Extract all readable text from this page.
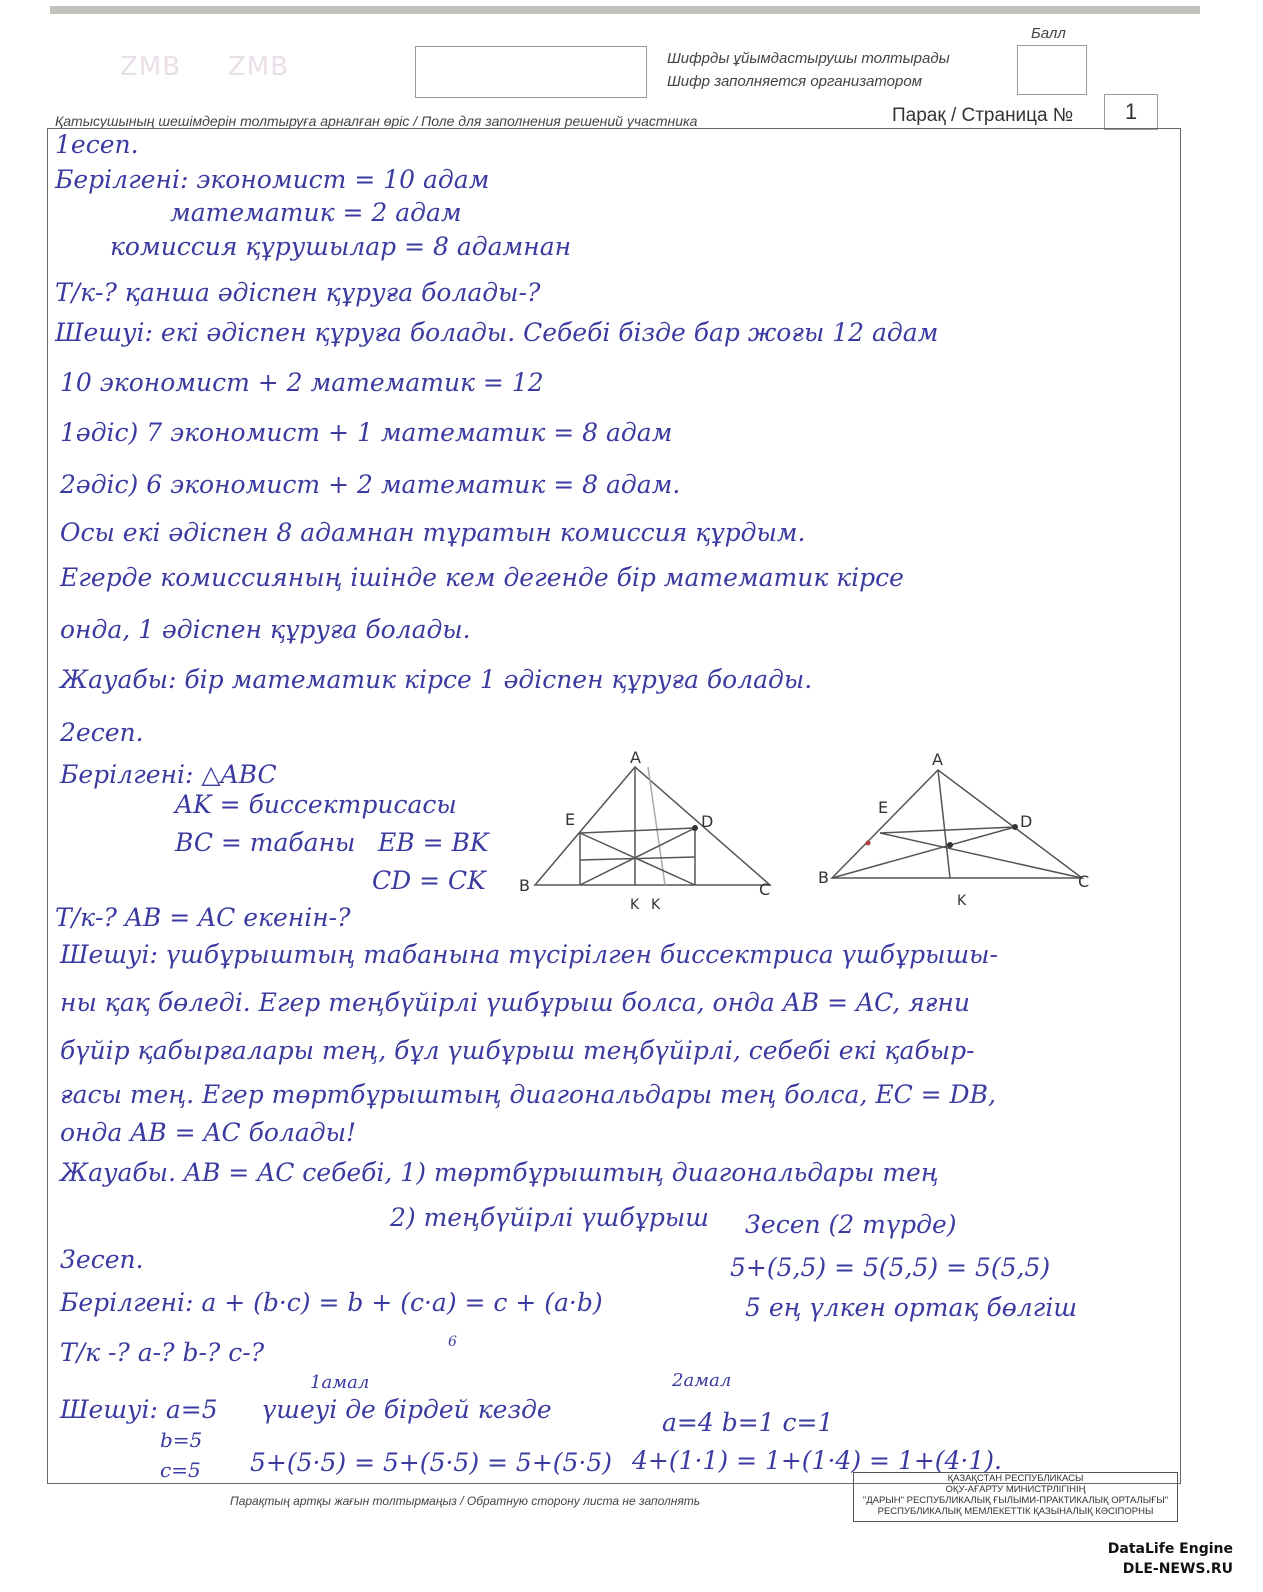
ZMB ZMB	Шифрды ұйымдастырушы толтырады
Шифр заполняется организатором
Балл
Қатысушының шешімдерін толтыруға арналған өріс / Поле для заполнения решений участника	Парақ / Страница №	1
1есеп.
Берілгені: экономист = 10 адам
математик = 2 адам
комиссия құрушылар = 8 адамнан
Т/к-? қанша әдіспен құруға болады-?
Шешуі: екі әдіспен құруға болады. Себебі бізде бар жоғы 12 адам
10 экономист + 2 математик = 12
1әдіс) 7 экономист + 1 математик = 8 адам
2әдіс) 6 экономист + 2 математик = 8 адам.
Осы екі әдіспен 8 адамнан тұратын комиссия құрдым.
Егерде комиссияның ішінде кем дегенде бір математик кірсе
онда, 1 әдіспен құруға болады.
Жауабы: бір математик кірсе 1 әдіспен құруға болады.
2есеп.
Берілгені: △ABC
AK = биссектрисасы
BC = табаны EB = BK
CD = CK
Т/к-? AB = AC екенін-?
A
B	C
D
E
K K
A
B	C
D
E
K
Шешуі: үшбұрыштың табанына түсірілген биссектриса үшбұрышы-
ны қақ бөледі. Егер теңбүйірлі үшбұрыш болса, онда AB = AC, яғни
бүйір қабырғалары тең, бұл үшбұрыш теңбүйірлі, себебі екі қабыр-
ғасы тең. Егер төртбұрыштың диагональдары тең болса, EC = DB,
онда AB = AC болады!
Жауабы. AB = AC себебі, 1) төртбұрыштың диагональдары тең
2) теңбүйірлі үшбұрыш
3есеп.
Берілгені: a + (b·c) = b + (c·a) = c + (a·b)
Т/к -? a-? b-? c-?	6
Шешуі: a=5
b=5
c=5
1амал
үшеуі де бірдей кезде
5+(5·5) = 5+(5·5) = 5+(5·5)
2амал
a=4 b=1 c=1
4+(1·1) = 1+(1·4) = 1+(4·1).
3есеп (2 түрде)
5+(5,5) = 5(5,5) = 5(5,5)
5 ең үлкен ортақ бөлгіш
ҚАЗАҚСТАН РЕСПУБЛИКАСЫ
ОҚУ-АҒАРТУ МИНИСТРЛІГІНІҢ
"ДАРЫН" РЕСПУБЛИКАЛЫҚ ҒЫЛЫМИ-ПРАКТИКАЛЫҚ ОРТАЛЫҒЫ"
РЕСПУБЛИКАЛЫҚ МЕМЛЕКЕТТІК ҚАЗЫНАЛЫҚ КӘСІПОРНЫ
Парақтың артқы жағын толтырмаңыз / Обратную сторону листа не заполнять
DataLife Engine
DLE-NEWS.RU
